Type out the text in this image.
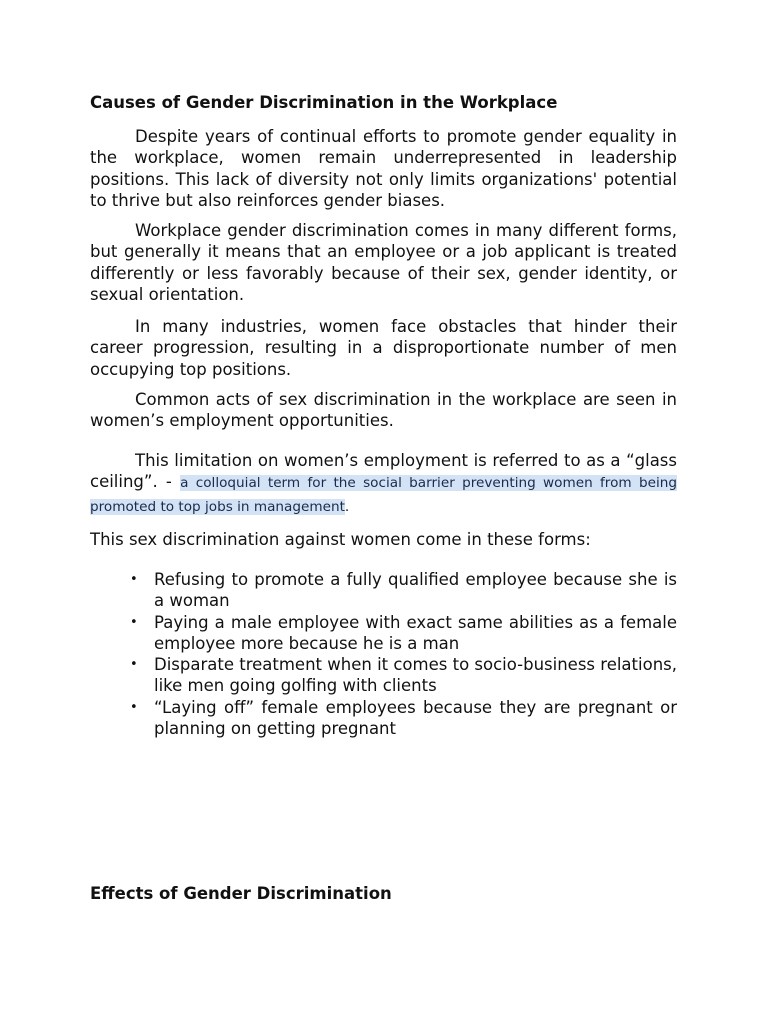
Causes of Gender Discrimination in the Workplace

Despite years of continual efforts to promote gender equality in the workplace, women remain underrepresented in leadership positions. This lack of diversity not only limits organizations' potential to thrive but also reinforces gender biases.

Workplace gender discrimination comes in many different forms, but generally it means that an employee or a job applicant is treated differently or less favorably because of their sex, gender identity, or sexual orientation.

In many industries, women face obstacles that hinder their career progression, resulting in a disproportionate number of men occupying top positions.

Common acts of sex discrimination in the workplace are seen in women’s employment opportunities.

This limitation on women’s employment is referred to as a “glass ceiling”. - a colloquial term for the social barrier preventing women from being promoted to top jobs in management.

This sex discrimination against women come in these forms:
• Refusing to promote a fully qualified employee because she is a woman
• Paying a male employee with exact same abilities as a female employee more because he is a man
• Disparate treatment when it comes to socio-business relations, like men going golfing with clients
• “Laying off” female employees because they are pregnant or planning on getting pregnant
Effects of Gender Discrimination
